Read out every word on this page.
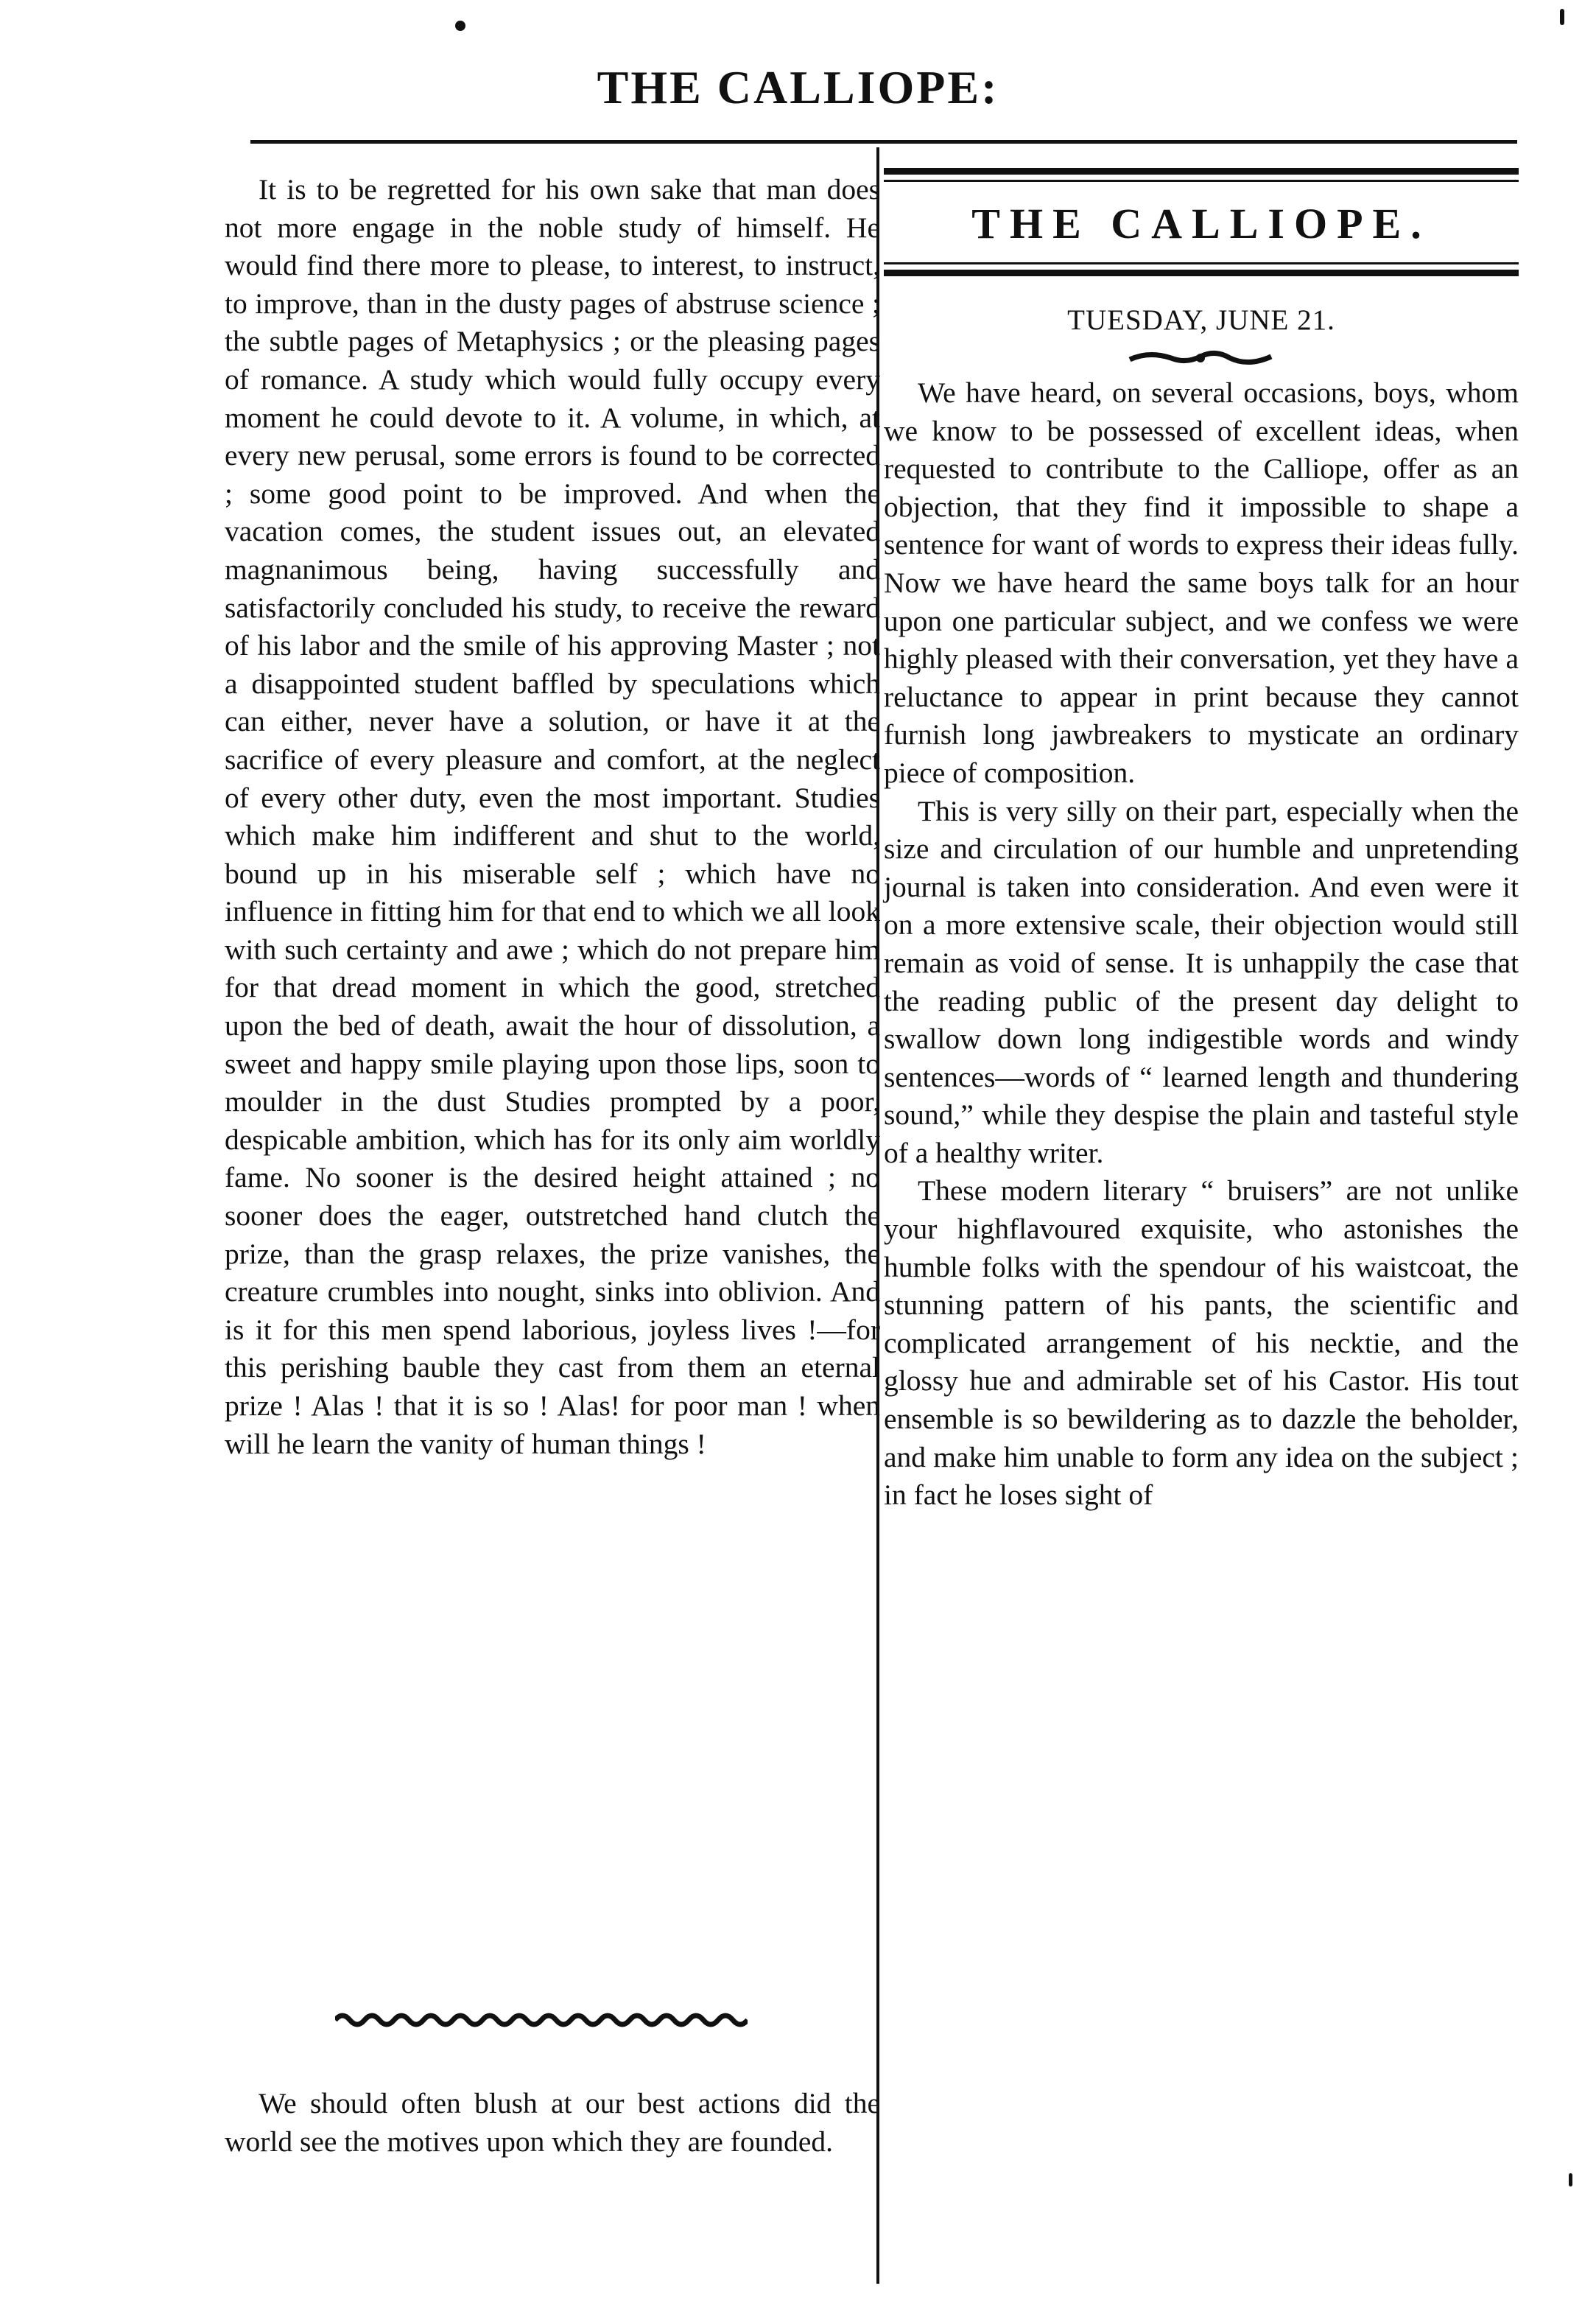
THE CALLIOPE:

It is to be regretted for his own sake that man does not more engage in the noble study of himself. He would find there more to please, to interest, to instruct, to improve, than in the dusty pages of abstruse science ; the subtle pages of Metaphysics ; or the pleasing pages of romance. A study which would fully occupy every moment he could devote to it. A volume, in which, at every new perusal, some errors is found to be corrected ; some good point to be improved. And when the vacation comes, the student issues out, an elevated magnanimous being, having successfully and satisfactorily concluded his study, to receive the reward of his labor and the smile of his approving Master ; not a disappointed student baffled by speculations which can either, never have a solution, or have it at the sacrifice of every pleasure and comfort, at the neglect of every other duty, even the most important. Studies which make him indifferent and shut to the world, bound up in his miserable self ; which have no influence in fitting him for that end to which we all look with such certainty and awe ; which do not prepare him for that dread moment in which the good, stretched upon the bed of death, await the hour of dissolution, a sweet and happy smile playing upon those lips, soon to moulder in the dust Studies prompted by a poor, despicable ambition, which has for its only aim worldly fame. No sooner is the desired height attained ; no sooner does the eager, outstretched hand clutch the prize, than the grasp relaxes, the prize vanishes, the creature crumbles into nought, sinks into oblivion. And is it for this men spend laborious, joyless lives !—for this perishing bauble they cast from them an eternal prize ! Alas ! that it is so ! Alas! for poor man ! when will he learn the vanity of human things !

We should often blush at our best actions did the world see the motives upon which they are founded.

THE CALLIOPE.
TUESDAY, JUNE 21.

We have heard, on several occasions, boys, whom we know to be possessed of excellent ideas, when requested to contribute to the Calliope, offer as an objection, that they find it impossible to shape a sentence for want of words to express their ideas fully. Now we have heard the same boys talk for an hour upon one particular subject, and we confess we were highly pleased with their conversation, yet they have a reluctance to appear in print because they cannot furnish long jawbreakers to mysticate an ordinary piece of composition.

This is very silly on their part, especially when the size and circulation of our humble and unpretending journal is taken into consideration. And even were it on a more extensive scale, their objection would still remain as void of sense. It is unhappily the case that the reading public of the present day delight to swallow down long indigestible words and windy sentences—words of “ learned length and thundering sound,” while they despise the plain and tasteful style of a healthy writer.

These modern literary “ bruisers” are not unlike your highflavoured exquisite, who astonishes the humble folks with the spendour of his waistcoat, the stunning pattern of his pants, the scientific and complicated arrangement of his necktie, and the glossy hue and admirable set of his Castor. His tout ensemble is so bewildering as to dazzle the beholder, and make him unable to form any idea on the subject ; in fact he loses sight of
